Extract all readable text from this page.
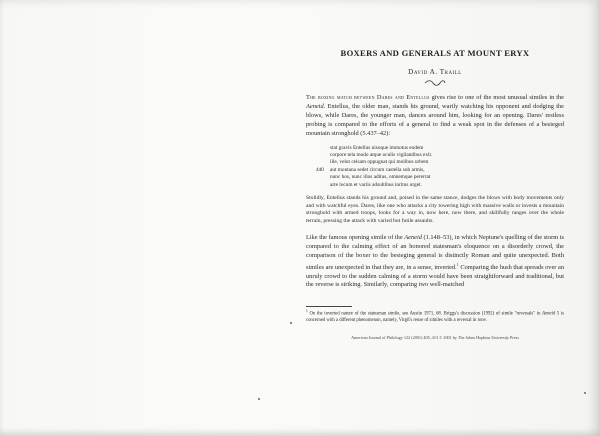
BOXERS AND GENERALS AT MOUNT ERYX
David A. Traill

The boxing match between Dares and Entellus gives rise to one of the most unusual similes in the Aeneid. Entellus, the older man, stands his ground, warily watching his opponent and dodging the blows, while Dares, the younger man, dances around him, looking for an opening. Dares' restless probing is compared to the efforts of a general to find a weak spot in the defenses of a besieged mountain stronghold (5.437–42):

stat gravis Entellus nisuque immotus eodem
corpore tela modo atque oculis vigilantibus exit.
ille, velut celsam oppugnat qui molibus urbem
440 aut montana sedet circum castella sub armis,
nunc hos, nunc illos aditus, omnemque pererrat
arte locum et variis adsultibus inritus urget.

Stolidly, Entellus stands his ground and, poised in the same stance, dodges the blows with body movements only and with watchful eyes. Dares, like one who attacks a city towering high with massive walls or invests a mountain stronghold with armed troops, looks for a way in, now here, now there, and skillfully ranges over the whole terrain, pressing the attack with varied but futile assaults.

Like the famous opening simile of the Aeneid (1.148–53), in which Neptune's quelling of the storm is compared to the calming effect of an honored statesman's eloquence on a disorderly crowd, the comparison of the boxer to the besieging general is distinctly Roman and quite unexpected. Both similes are unexpected in that they are, in a sense, inverted.$^1$ Comparing the hush that spreads over an unruly crowd to the sudden calming of a storm would have been straightforward and traditional, but the reverse is striking. Similarly, comparing two well-matched

$^1$ On the inverted nature of the statesman simile, see Austin 1971, 68. Briggs's discussion (1992) of simile "reversals" in Aeneid 5 is concerned with a different phenomenon, namely, Virgil's reuse of similes with a reversal in tone.

American Journal of Philology 122 (2001) 405–413 © 2001 by The Johns Hopkins University Press
